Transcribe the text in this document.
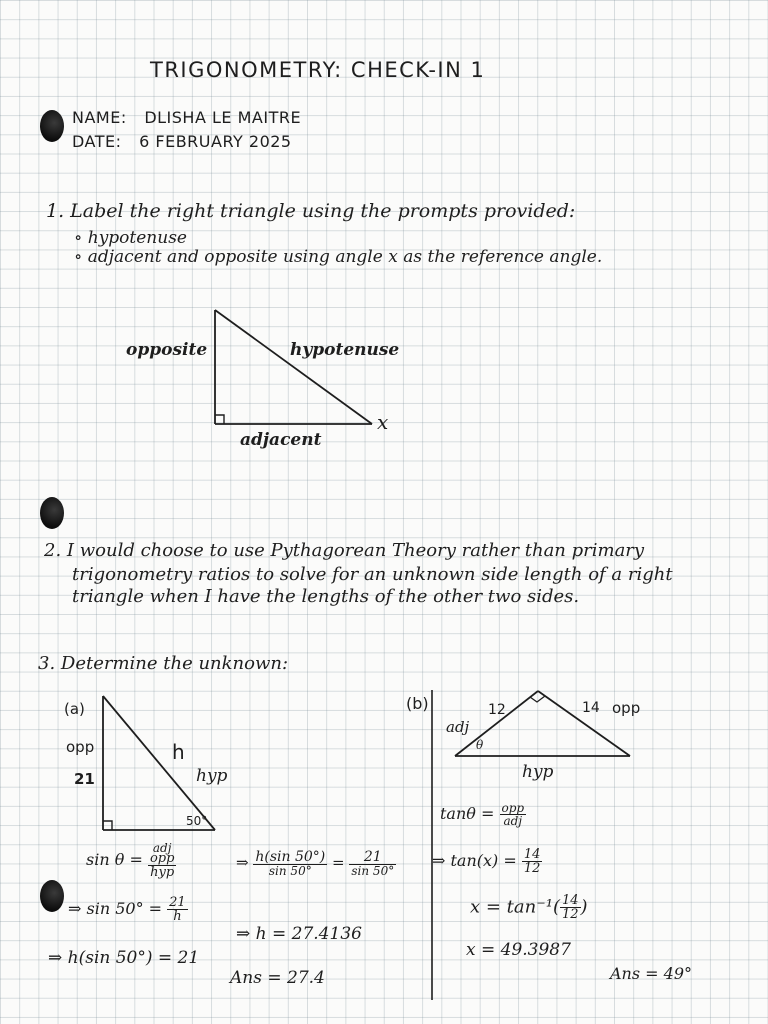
TRIGONOMETRY: CHECK-IN 1
NAME: DLISHA LE MAITRE
DATE: 6 FEBRUARY 2025
1. Label the right triangle using the prompts provided:
∘ hypotenuse
∘ adjacent and opposite using angle x as the reference angle.
opposite	hypotenuse
adjacent
x
2. I would choose to use Pythagorean Theory rather than primary
trigonometry ratios to solve for an unknown side length of a right
triangle when I have the lengths of the other two sides.
3. Determine the unknown:
(a)
opp
21
h
hyp
50°
sin θ =
adj
opp
hyp
⇒ $\sin 50^\circ = \frac{21}{h}$
⇒ h(sin 50°) = 21
⇒ $\frac{h(\sin 50^\circ)}{\sin 50^\circ} = \frac{21}{\sin 50^\circ}$
⇒ h = 27.4136
Ans = 27.4
(b)
adj
12	14 opp
θ
hyp
$\tan\theta = \frac{\text{opp}}{\text{adj}}$
⇒ $\tan(x) = \frac{14}{12}$
$x = \tan^{-1}( \frac{14}{12}$ )
x = 49.3987
Ans = 49°
